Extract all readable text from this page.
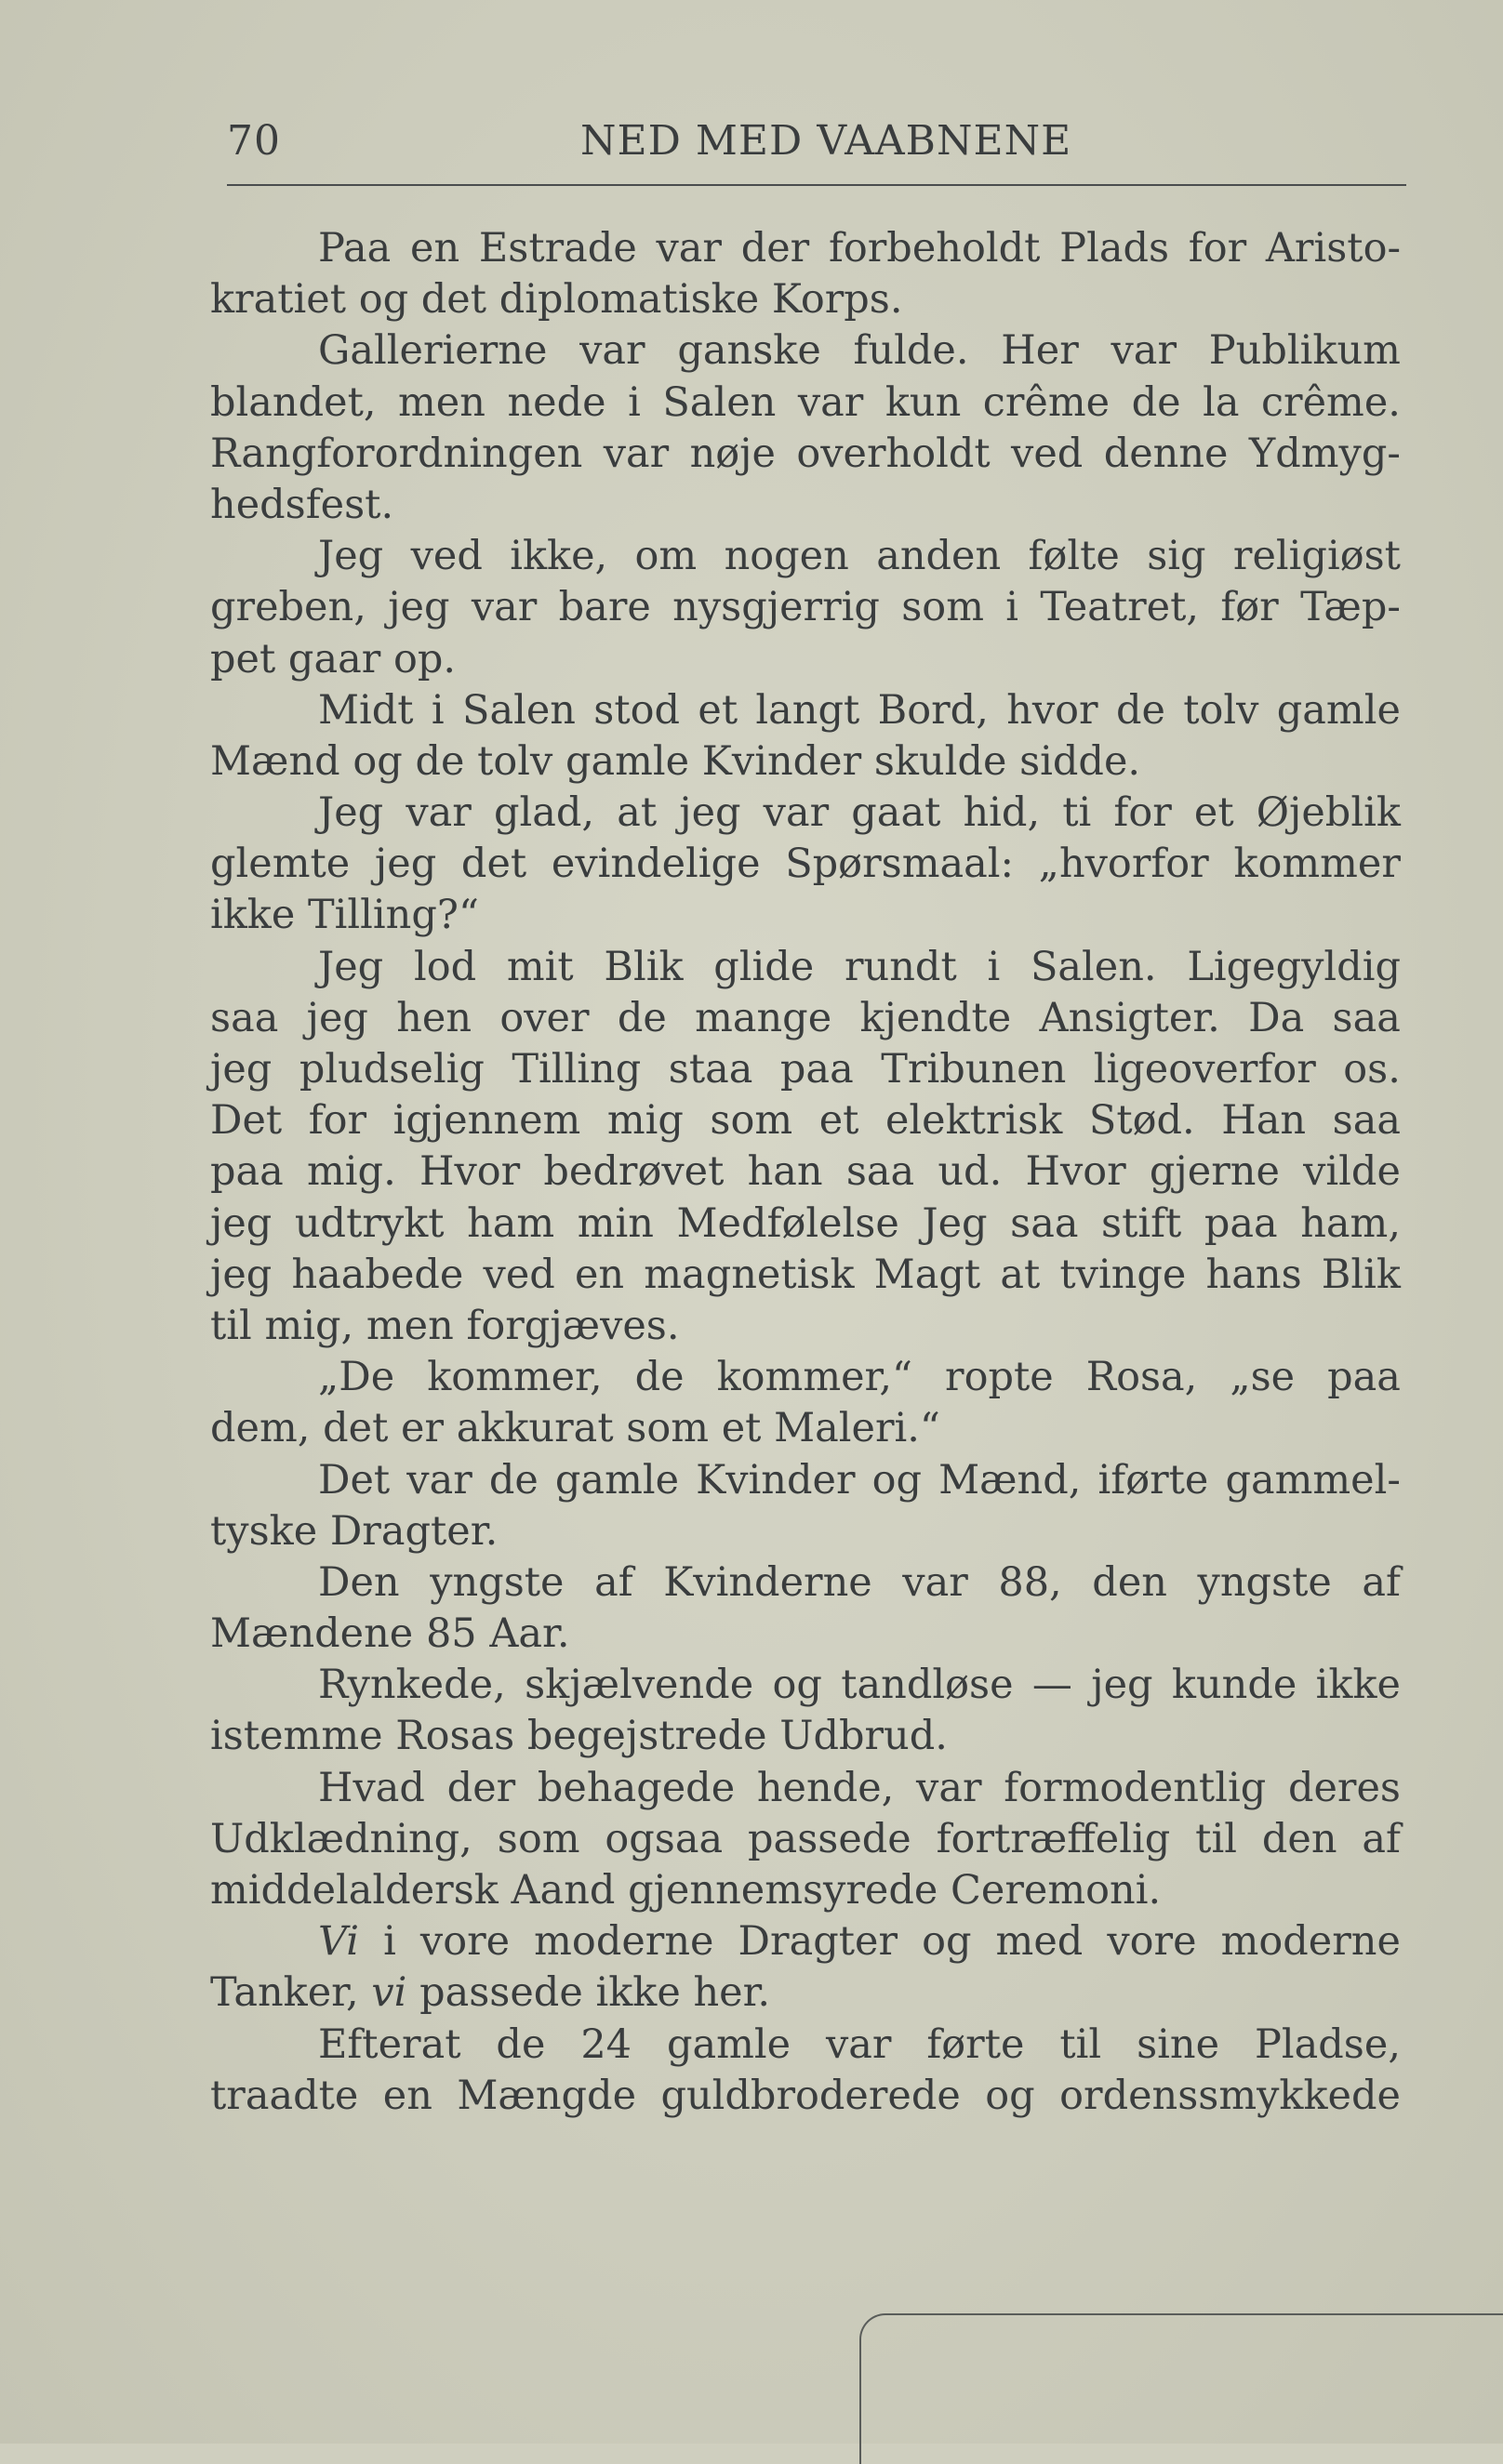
70	NED MED VAABNENE
Paa en Estrade var der forbeholdt Plads for Aristo-
kratiet og det diplomatiske Korps.
Gallerierne var ganske fulde. Her var Publikum
blandet, men nede i Salen var kun crême de la crême.
Rangforordningen var nøje overholdt ved denne Ydmyg-
hedsfest.
Jeg ved ikke, om nogen anden følte sig religiøst
greben, jeg var bare nysgjerrig som i Teatret, før Tæp-
pet gaar op.
Midt i Salen stod et langt Bord, hvor de tolv gamle
Mænd og de tolv gamle Kvinder skulde sidde.
Jeg var glad, at jeg var gaat hid, ti for et Øjeblik
glemte jeg det evindelige Spørsmaal: „hvorfor kommer
ikke Tilling?“
Jeg lod mit Blik glide rundt i Salen. Ligegyldig
saa jeg hen over de mange kjendte Ansigter. Da saa
jeg pludselig Tilling staa paa Tribunen ligeoverfor os.
Det for igjennem mig som et elektrisk Stød. Han saa
paa mig. Hvor bedrøvet han saa ud. Hvor gjerne vilde
jeg udtrykt ham min Medfølelse Jeg saa stift paa ham,
jeg haabede ved en magnetisk Magt at tvinge hans Blik
til mig, men forgjæves.
„De kommer, de kommer,“ ropte Rosa, „se paa
dem, det er akkurat som et Maleri.“
Det var de gamle Kvinder og Mænd, iførte gammel-
tyske Dragter.
Den yngste af Kvinderne var 88, den yngste af
Mændene 85 Aar.
Rynkede, skjælvende og tandløse — jeg kunde ikke
istemme Rosas begejstrede Udbrud.
Hvad der behagede hende, var formodentlig deres
Udklædning, som ogsaa passede fortræffelig til den af
middelaldersk Aand gjennemsyrede Ceremoni.
Vi i vore moderne Dragter og med vore moderne
Tanker, vi passede ikke her.
Efterat de 24 gamle var førte til sine Pladse,
traadte en Mængde guldbroderede og ordenssmykkede
